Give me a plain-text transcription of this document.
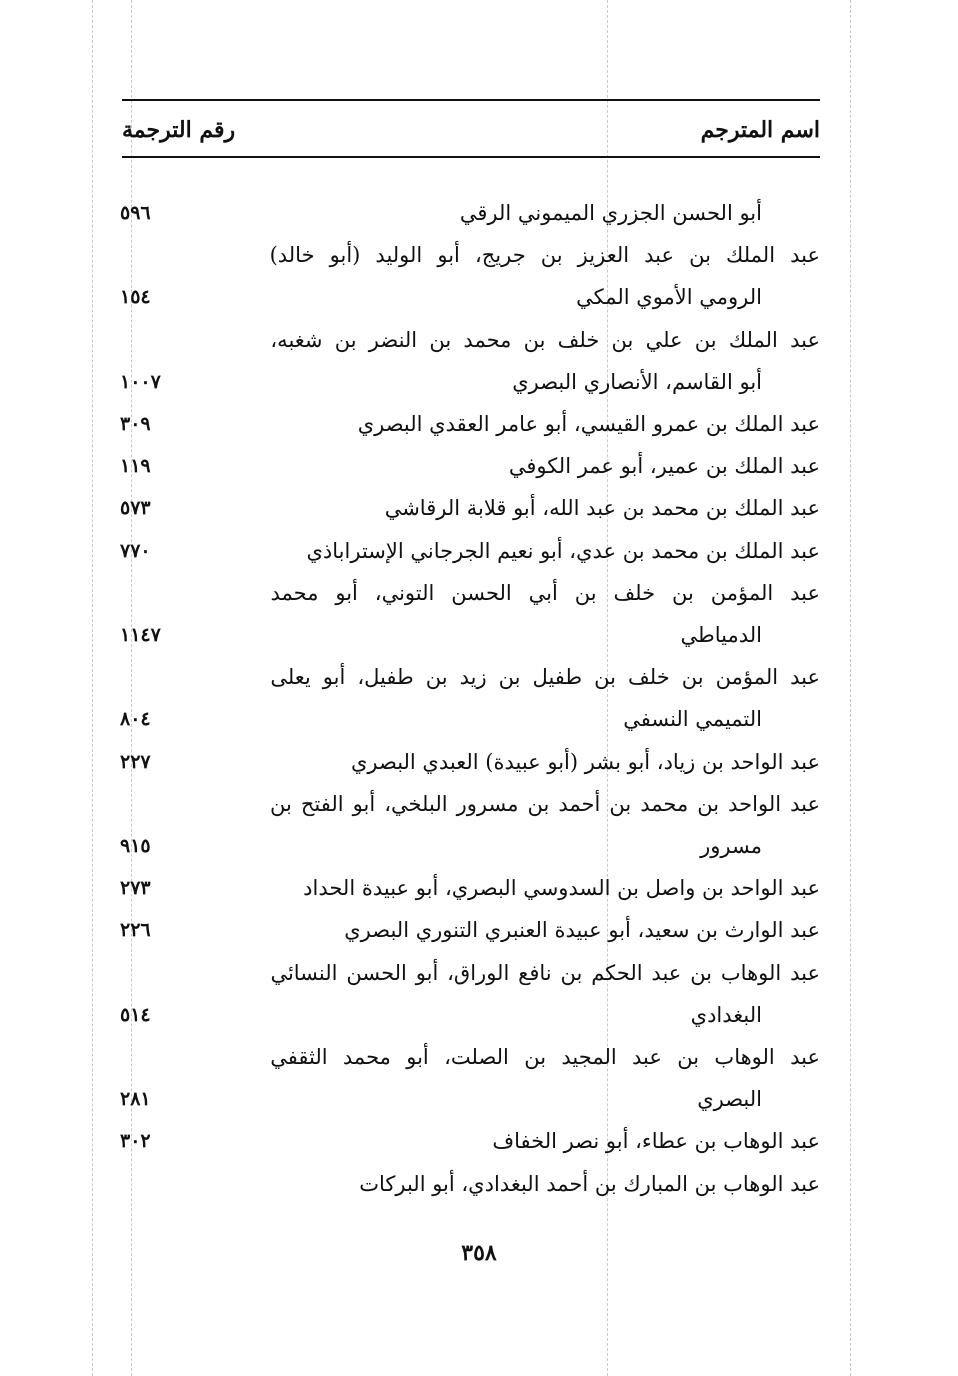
اسم المترجم
رقم الترجمة
أبو الحسن الجزري الميموني الرقي
٥٩٦
عبد الملك بن عبد العزيز بن جريج، أبو الوليد (أبو خالد)
الرومي الأموي المكي
١٥٤
عبد الملك بن علي بن خلف بن محمد بن النضر بن شغبه،
أبو القاسم، الأنصاري البصري
١٠٠٧
عبد الملك بن عمرو القيسي، أبو عامر العقدي البصري
٣٠٩
عبد الملك بن عمير، أبو عمر الكوفي
١١٩
عبد الملك بن محمد بن عبد الله، أبو قلابة الرقاشي
٥٧٣
عبد الملك بن محمد بن عدي، أبو نعيم الجرجاني الإستراباذي
٧٧٠
عبد المؤمن بن خلف بن أبي الحسن التوني، أبو محمد
الدمياطي
١١٤٧
عبد المؤمن بن خلف بن طفيل بن زيد بن طفيل، أبو يعلى
التميمي النسفي
٨٠٤
عبد الواحد بن زياد، أبو بشر (أبو عبيدة) العبدي البصري
٢٢٧
عبد الواحد بن محمد بن أحمد بن مسرور البلخي، أبو الفتح بن
مسرور
٩١٥
عبد الواحد بن واصل بن السدوسي البصري، أبو عبيدة الحداد
٢٧٣
عبد الوارث بن سعيد، أبو عبيدة العنبري التنوري البصري
٢٢٦
عبد الوهاب بن عبد الحكم بن نافع الوراق، أبو الحسن النسائي
البغدادي
٥١٤
عبد الوهاب بن عبد المجيد بن الصلت، أبو محمد الثقفي
البصري
٢٨١
عبد الوهاب بن عطاء، أبو نصر الخفاف
٣٠٢
عبد الوهاب بن المبارك بن أحمد البغدادي، أبو البركات
٣٥٨
